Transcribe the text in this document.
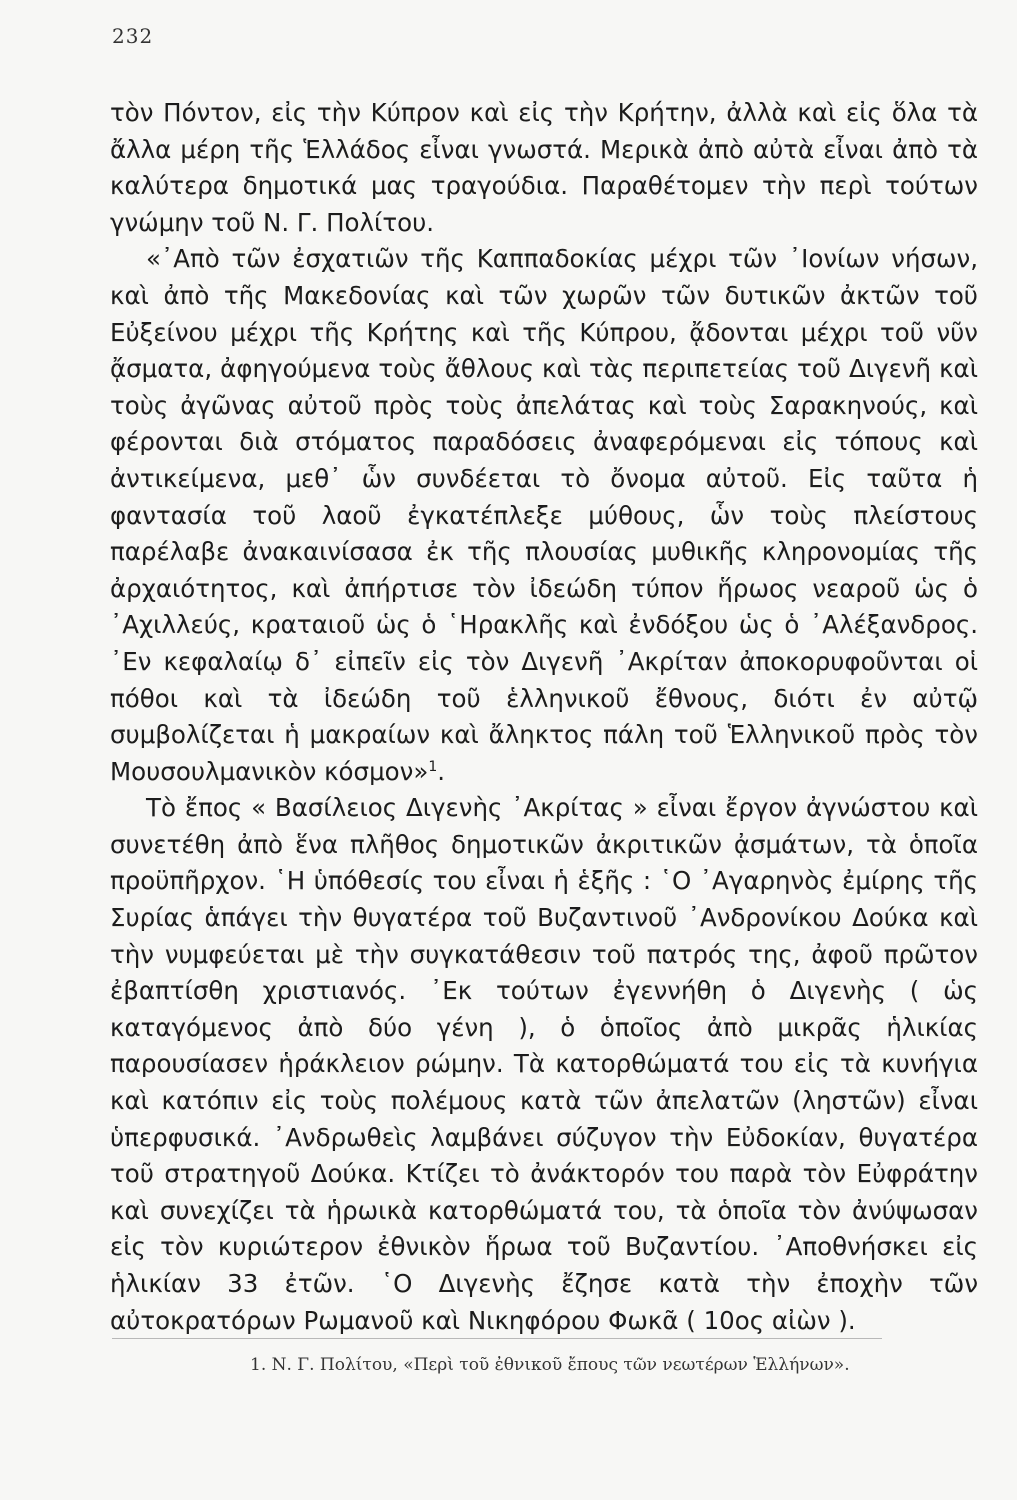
232

τὸν Πόντον, εἰς τὴν Κύπρον καὶ εἰς τὴν Κρήτην, ἀλλὰ καὶ εἰς ὅλα τὰ ἄλλα μέρη τῆς Ἑλλάδος εἶναι γνωστά. Μερικὰ ἀπὸ αὐτὰ εἶναι ἀπὸ τὰ καλύτερα δημοτικά μας τραγούδια. Παραθέτομεν τὴν περὶ τούτων γνώμην τοῦ Ν. Γ. Πολίτου.

«᾽Απὸ τῶν ἐσχατιῶν τῆς Καππαδοκίας μέχρι τῶν ᾽Ιονίων νήσων, καὶ ἀπὸ τῆς Μακεδονίας καὶ τῶν χωρῶν τῶν δυτικῶν ἀκτῶν τοῦ Εὐξείνου μέχρι τῆς Κρήτης καὶ τῆς Κύπρου, ᾄδονται μέχρι τοῦ νῦν ᾄσματα, ἀφηγούμενα τοὺς ἄθλους καὶ τὰς περιπετείας τοῦ Διγενῆ καὶ τοὺς ἀγῶνας αὐτοῦ πρὸς τοὺς ἀπελάτας καὶ τοὺς Σαρακηνούς, καὶ φέρονται διὰ στόματος παραδόσεις ἀναφερόμεναι εἰς τόπους καὶ ἀντικείμενα, μεθ᾽ ὧν συνδέεται τὸ ὄνομα αὐτοῦ. Εἰς ταῦτα ἡ φαντασία τοῦ λαοῦ ἐγκατέπλεξε μύθους, ὧν τοὺς πλείστους παρέλαβε ἀνακαινίσασα ἐκ τῆς πλουσίας μυθικῆς κληρονομίας τῆς ἀρχαιότητος, καὶ ἀπήρτισε τὸν ἰδεώδη τύπον ἥρωος νεαροῦ ὡς ὁ ᾽Αχιλλεύς, κραταιοῦ ὡς ὁ ῾Ηρακλῆς καὶ ἐνδόξου ὡς ὁ ᾽Αλέξανδρος. ᾽Εν κεφαλαίῳ δ᾽ εἰπεῖν εἰς τὸν Διγενῆ ᾽Ακρίταν ἀποκορυφοῦνται οἱ πόθοι καὶ τὰ ἰδεώδη τοῦ ἑλληνικοῦ ἔθνους, διότι ἐν αὐτῷ συμβολίζεται ἡ μακραίων καὶ ἄληκτος πάλη τοῦ Ἑλληνικοῦ πρὸς τὸν Μουσουλμανικὸν κόσμον»$^1$.

Τὸ ἔπος « Βασίλειος Διγενὴς ᾽Ακρίτας » εἶναι ἔργον ἀγνώστου καὶ συνετέθη ἀπὸ ἕνα πλῆθος δημοτικῶν ἀκριτικῶν ᾀσμάτων, τὰ ὁποῖα προϋπῆρχον. ῾Η ὑπόθεσίς του εἶναι ἡ ἑξῆς : ῾Ο ᾽Αγαρηνὸς ἐμίρης τῆς Συρίας ἁπάγει τὴν θυγατέρα τοῦ Βυζαντινοῦ ᾽Ανδρονίκου Δούκα καὶ τὴν νυμφεύεται μὲ τὴν συγκατάθεσιν τοῦ πατρός της, ἀφοῦ πρῶτον ἐβαπτίσθη χριστιανός. ᾽Εκ τούτων ἐγεννήθη ὁ Διγενὴς ( ὡς καταγόμενος ἀπὸ δύο γένη ), ὁ ὁποῖος ἀπὸ μικρᾶς ἡλικίας παρουσίασεν ἡράκλειον ρώμην. Τὰ κατορθώματά του εἰς τὰ κυνήγια καὶ κατόπιν εἰς τοὺς πολέμους κατὰ τῶν ἀπελατῶν (ληστῶν) εἶναι ὑπερφυσικά. ᾽Ανδρωθεὶς λαμβάνει σύζυγον τὴν Εὐδοκίαν, θυγατέρα τοῦ στρατηγοῦ Δούκα. Κτίζει τὸ ἀνάκτορόν του παρὰ τὸν Εὐφράτην καὶ συνεχίζει τὰ ἡρωικὰ κατορθώματά του, τὰ ὁποῖα τὸν ἀνύψωσαν εἰς τὸν κυριώτερον ἐθνικὸν ἥρωα τοῦ Βυζαντίου. ᾽Αποθνήσκει εἰς ἡλικίαν 33 ἐτῶν. ῾Ο Διγενὴς ἔζησε κατὰ τὴν ἐποχὴν τῶν αὐτοκρατόρων Ρωμανοῦ καὶ Νικηφόρου Φωκᾶ ( 10ος αἰὼν ).

1. Ν. Γ. Πολίτου, «Περὶ τοῦ ἐθνικοῦ ἔπους τῶν νεωτέρων Ἑλλήνων».
